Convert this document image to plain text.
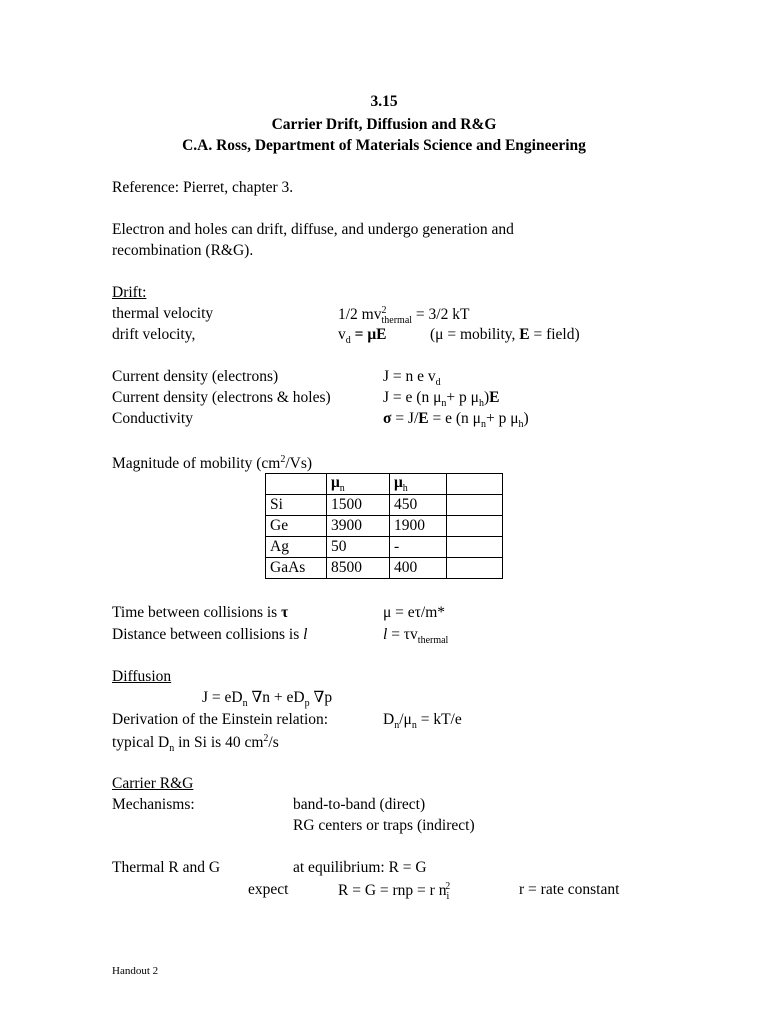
3.15
Carrier Drift, Diffusion and R&G
C.A. Ross, Department of Materials Science and Engineering
Reference: Pierret, chapter 3.
Electron and holes can drift, diffuse, and undergo generation and
recombination (R&G).
Drift:
thermal velocity	1/2 $mv^2_{thermal} = 3/2$ kT
drift velocity,	$v_d = \mu E$	(μ = mobility, E = field)
Current density (electrons)	J = n e $v_d$
Current density (electrons & holes)	J = e (n $\mu_n+ p$ $\mu_h)E$
Conductivity	σ = J/E = e (n $\mu_n+ p$ $\mu_h$)
Magnitude of mobility $(cm^2/Vs)$
	$\mu_n$	$\mu_h$	
Si	1500	450	
Ge	3900	1900	
Ag	50	-	
GaAs	8500	400	
Time between collisions is τ	μ = eτ/m*
Distance between collisions is l	$l = \tau v_{thermal}$
Diffusion
$J = eD_n$ $\nabla n + eD_p$ ∇p
Derivation of the Einstein relation:	$D_n/\mu_n = kT/e$
typical $D_n$ in Si is 40 $cm^2/s$
Carrier R&G
Mechanisms:	band-to-band (direct)
RG centers or traps (indirect)
Thermal R and G	at equilibrium: R = G
expect	R = G = rnp = r $n_i^2$	r = rate constant
Handout 2
